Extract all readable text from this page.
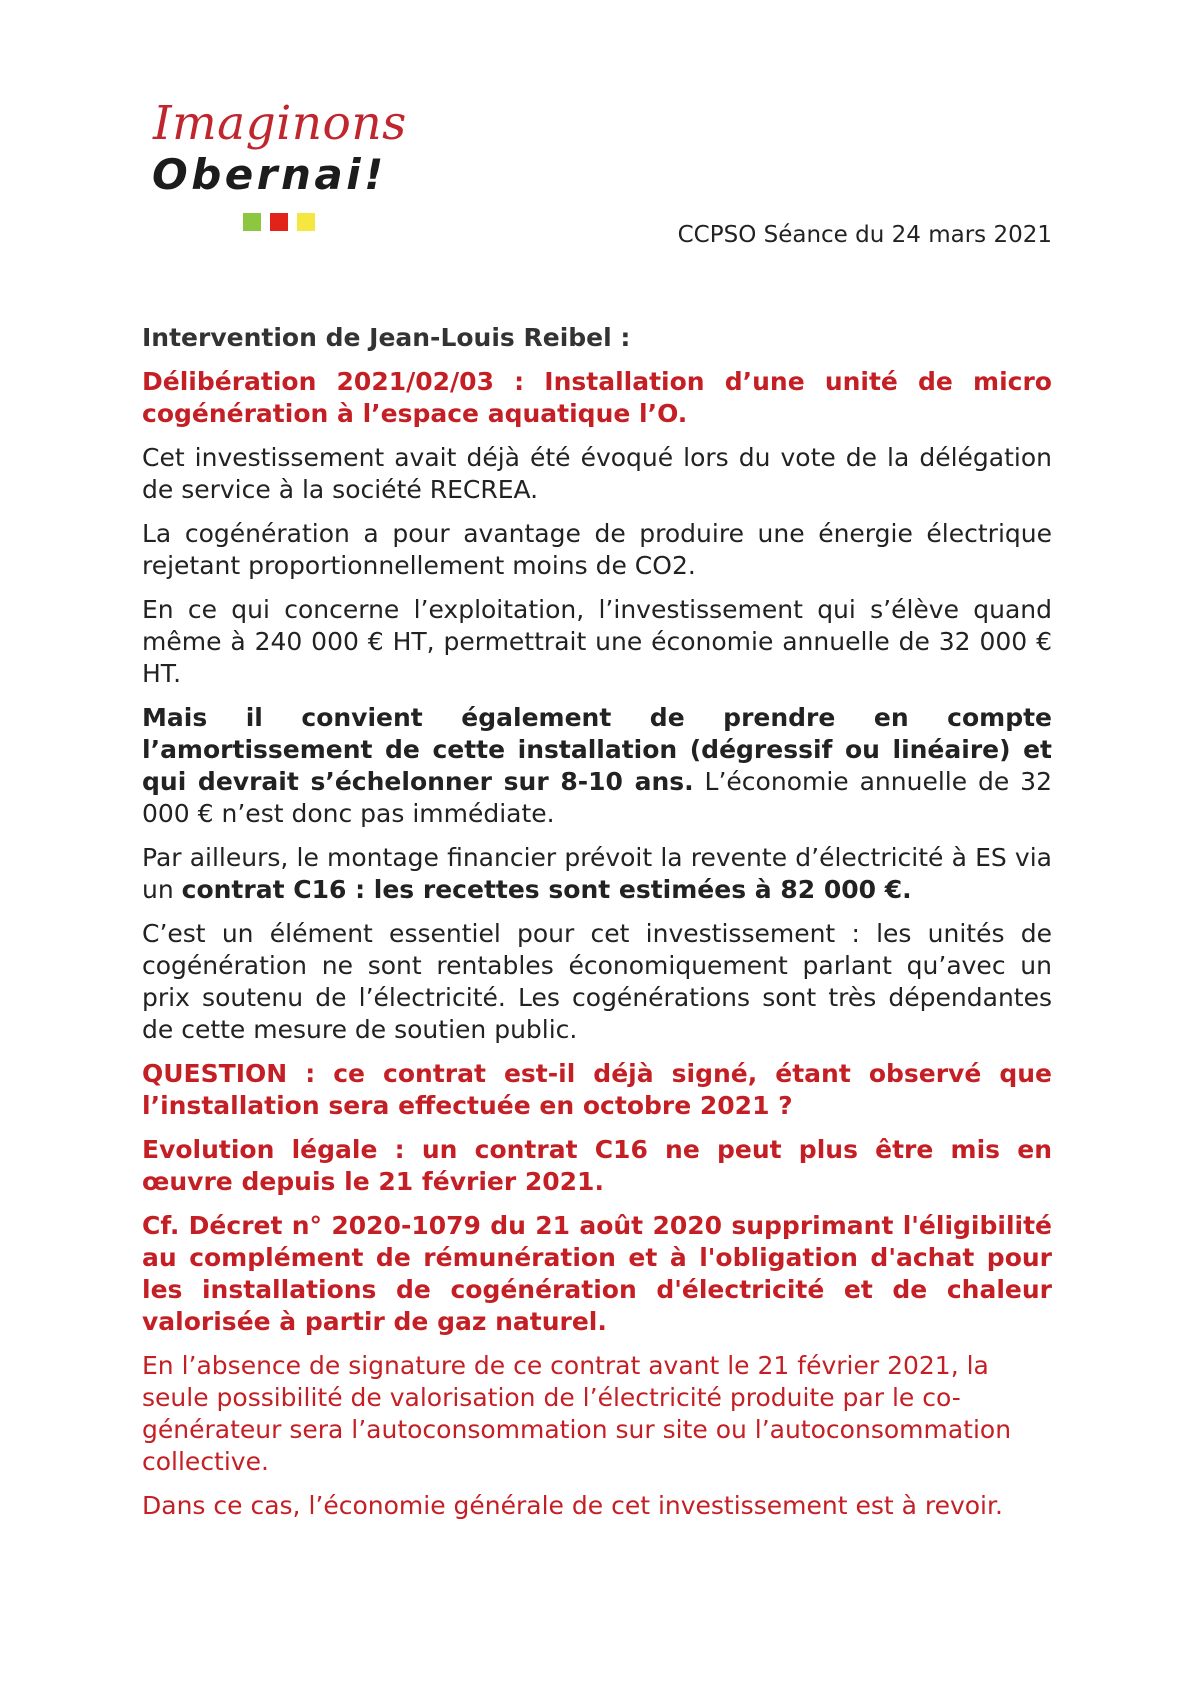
Imaginons
Obernai!
CCPSO Séance du 24 mars 2021

Intervention de Jean-Louis Reibel :

Délibération 2021/02/03 : Installation d’une unité de micro cogénération à l’espace aquatique l’O.

Cet investissement avait déjà été évoqué lors du vote de la délégation de service à la société RECREA.

La cogénération a pour avantage de produire une énergie électrique rejetant proportionnellement moins de CO2.

En ce qui concerne l’exploitation, l’investissement qui s’élève quand même à 240 000 € HT, permettrait une économie annuelle de 32 000 € HT.

Mais il convient également de prendre en compte l’amortissement de cette installation (dégressif ou linéaire) et qui devrait s’échelonner sur 8-10 ans. L’économie annuelle de 32 000 € n’est donc pas immédiate.

Par ailleurs, le montage financier prévoit la revente d’électricité à ES via un contrat C16 : les recettes sont estimées à 82 000 €.

C’est un élément essentiel pour cet investissement : les unités de cogénération ne sont rentables économiquement parlant qu’avec un prix soutenu de l’électricité. Les cogénérations sont très dépendantes de cette mesure de soutien public.

QUESTION : ce contrat est-il déjà signé, étant observé que l’installation sera effectuée en octobre 2021 ?

Evolution légale : un contrat C16 ne peut plus être mis en œuvre depuis le 21 février 2021.

Cf. Décret n° 2020-1079 du 21 août 2020 supprimant l'éligibilité au complément de rémunération et à l'obligation d'achat pour les installations de cogénération d'électricité et de chaleur valorisée à partir de gaz naturel.

En l’absence de signature de ce contrat avant le 21 février 2021, la seule possibilité de valorisation de l’électricité produite par le co-générateur sera l’autoconsommation sur site ou l’autoconsommation collective.

Dans ce cas, l’économie générale de cet investissement est à revoir.
